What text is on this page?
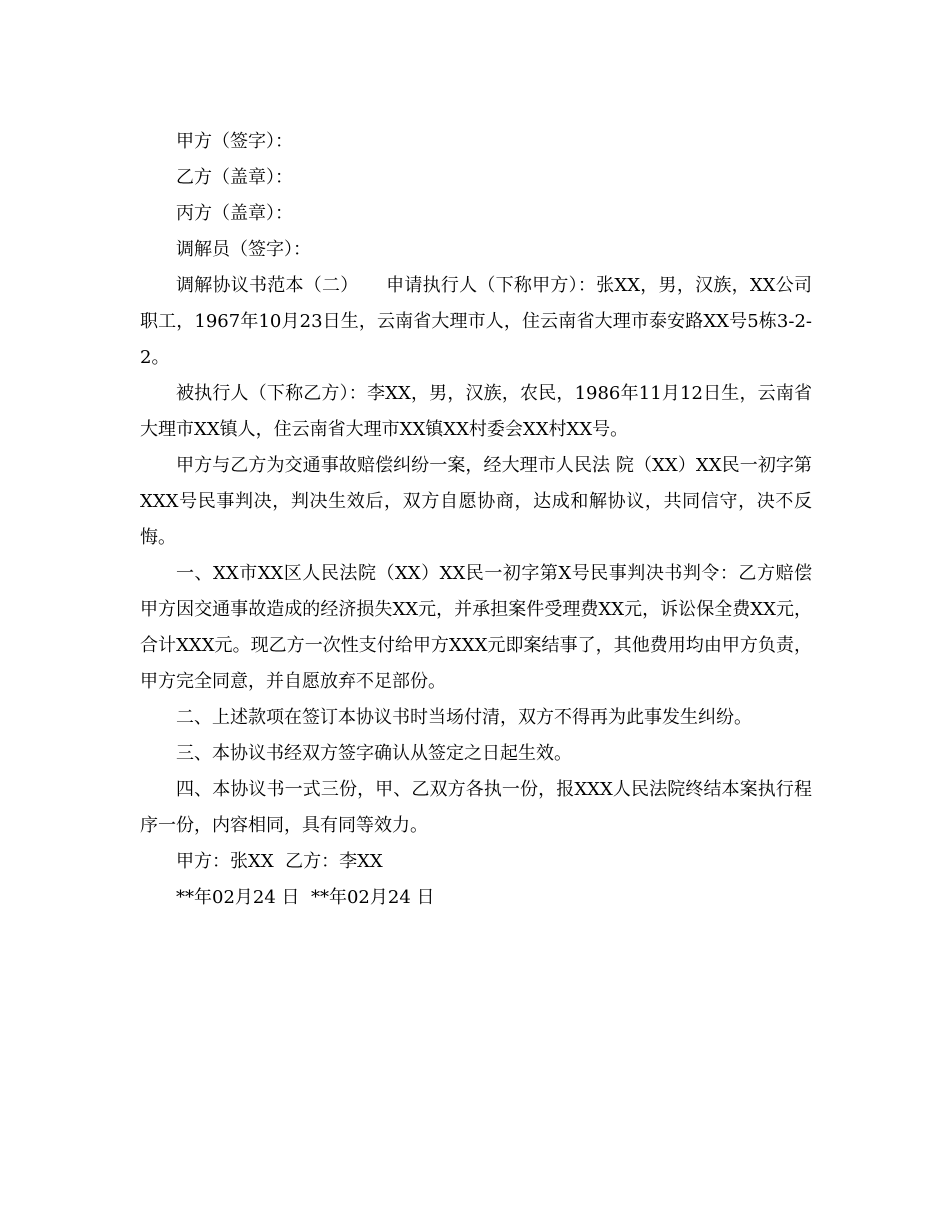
甲方（签字）：

乙方（盖章）：

丙方（盖章）：

调解员（签字）：

调解协议书范本（二）　　申请执行人（下称甲方）：张XX，男，汉族，XX公司职工，1967年10月23日生，云南省大理市人，住云南省大理市泰安路XX号5栋3-2-2。

被执行人（下称乙方）：李XX，男，汉族，农民，1986年11月12日生，云南省大理市XX镇人，住云南省大理市XX镇XX村委会XX村XX号。

甲方与乙方为交通事故赔偿纠纷一案，经大理市人民法 院（XX）XX民一初字第XXX号民事判决，判决生效后，双方自愿协商，达成和解协议，共同信守，决不反悔。

一、XX市XX区人民法院（XX）XX民一初字第X号民事判决书判令：乙方赔偿甲方因交通事故造成的经济损失XX元，并承担案件受理费XX元，诉讼保全费XX元，合计XXX元。现乙方一次性支付给甲方XXX元即案结事了，其他费用均由甲方负责，甲方完全同意，并自愿放弃不足部份。

二、上述款项在签订本协议书时当场付清，双方不得再为此事发生纠纷。

三、本协议书经双方签字确认从签定之日起生效。

四、本协议书一式三份，甲、乙双方各执一份，报XXX人民法院终结本案执行程序一份，内容相同，具有同等效力。

甲方：张XX  乙方：李XX

**年02月24 日  **年02月24 日
